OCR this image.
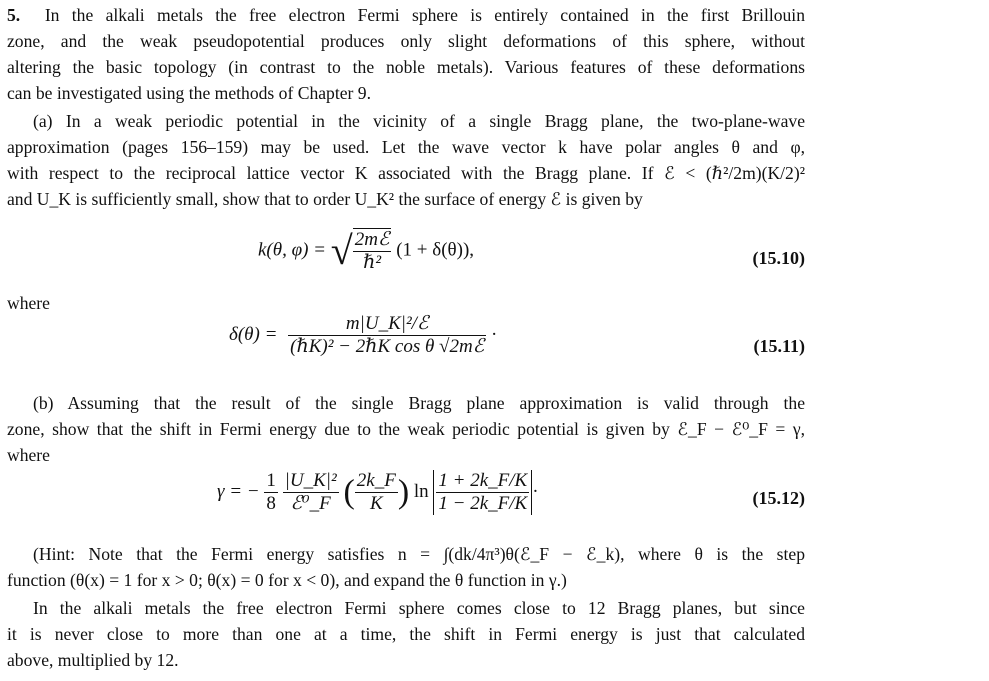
5. In the alkali metals the free electron Fermi sphere is entirely contained in the first Brillouin
zone, and the weak pseudopotential produces only slight deformations of this sphere, without
altering the basic topology (in contrast to the noble metals). Various features of these deformations
can be investigated using the methods of Chapter 9.
(a) In a weak periodic potential in the vicinity of a single Bragg plane, the two-plane-wave
approximation (pages 156–159) may be used. Let the wave vector k have polar angles θ and φ,
with respect to the reciprocal lattice vector K associated with the Bragg plane. If ℰ < (ℏ²/2m)(K/2)²
and U_K is sufficiently small, show that to order U_K² the surface of energy ℰ is given by
k(θ, φ) = √ $\frac{\text{2mℰ}}{\text{ℏ²}} (1 + \delta(\theta))$,	(15.10)
where
$\delta(\theta) = \frac{\text{m|U\_K|²/ℰ}}{\text{(ℏK)² − 2ℏK cos θ √2mℰ}}$ ·
(15.11)
(b) Assuming that the result of the single Bragg plane approximation is valid through the
zone, show that the shift in Fermi energy due to the weak periodic potential is given by ℰ_F − ℰ⁰_F = γ,
where
γ = − $\frac{1}{8}$
$\frac{\text{|U\_K|²}}{\text{ℰ⁰\_F}}$ ( $\frac{2k\_F}{K}$ ) $\ln \frac{1 + 2k\_F/K}{1 - 2k\_F/K}$ ·	(15.12)
(Hint: Note that the Fermi energy satisfies n = ∫(dk/4π³)θ(ℰ_F − ℰ_k), where θ is the step
function (θ(x) = 1 for x > 0; θ(x) = 0 for x < 0), and expand the θ function in γ.)
In the alkali metals the free electron Fermi sphere comes close to 12 Bragg planes, but since
it is never close to more than one at a time, the shift in Fermi energy is just that calculated
above, multiplied by 12.
